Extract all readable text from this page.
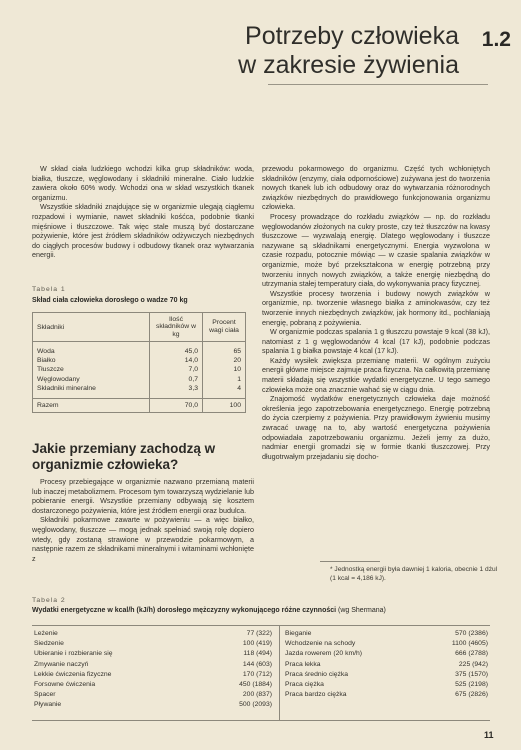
Potrzeby człowieka
w zakresie żywienia
1.2

W skład ciała ludzkiego wchodzi kilka grup składników: woda, białka, tłuszcze, węglowodany i składniki mineralne. Ciało ludzkie zawiera około 60% wody. Wchodzi ona w skład wszystkich tkanek organizmu.

Wszystkie składniki znajdujące się w organizmie ulegają ciągłemu rozpadowi i wymianie, nawet składniki kośćca, podobnie tkanki mięśniowe i tłuszczowe. Tak więc stale muszą być dostarczane pożywienie, które jest źródłem składników odżywczych niezbędnych do ciągłych procesów budowy i odbudowy tkanek oraz wytwarzania energii.

Tabela 1
Skład ciała człowieka dorosłego o wadze 70 kg
Składniki	Ilość składników w kg	Procent wagi ciała
Woda	45,0	65
Białko	14,0	20
Tłuszcze	7,0	10
Węglowodany	0,7	1
Składniki mineralne	3,3	4
Razem	70,0	100
Jakie przemiany zachodzą w organizmie człowieka?

Procesy przebiegające w organizmie nazwano przemianą materii lub inaczej metabolizmem. Procesom tym towarzyszą wydzielanie lub pobieranie energii. Wszystkie przemiany odbywają się kosztem dostarczonego pożywienia, które jest źródłem energii oraz budulca.

Składniki pokarmowe zawarte w pożywieniu — a więc białko, węglowodany, tłuszcze — mogą jednak spełniać swoją rolę dopiero wtedy, gdy zostaną strawione w przewodzie pokarmowym, a następnie razem ze składnikami mineralnymi i witaminami wchłonięte z

przewodu pokarmowego do organizmu. Część tych wchłoniętych składników (enzymy, ciała odpornościowe) zużywana jest do tworzenia nowych tkanek lub ich odbudowy oraz do wytwarzania różnorodnych związków niezbędnych do prawidłowego funkcjonowania organizmu człowieka.

Procesy prowadzące do rozkładu związków — np. do rozkładu węglowodanów złożonych na cukry proste, czy też tłuszczów na kwasy tłuszczowe — wyzwalają energię. Dlatego węglowodany i tłuszcze nazywane są składnikami energetycznymi. Energia wyzwolona w czasie rozpadu, potocznie mówiąc — w czasie spalania związków w organizmie, może być przekształcona w energię potrzebną przy tworzeniu innych nowych związków, a także energię niezbędną do utrzymania stałej temperatury ciała, do wykonywania pracy fizycznej.

Wszystkie procesy tworzenia i budowy nowych związków w organizmie, np. tworzenie własnego białka z aminokwasów, czy też tworzenie innych niezbędnych związków, jak hormony itd., pochłaniają energię, pobraną z pożywienia.

W organizmie podczas spalania 1 g tłuszczu powstaje 9 kcal (38 kJ), natomiast z 1 g węglowodanów 4 kcal (17 kJ), podobnie podczas spalania 1 g białka powstaje 4 kcal (17 kJ).

Każdy wysiłek zwiększa przemianę materii. W ogólnym zużyciu energii główne miejsce zajmuje praca fizyczna. Na całkowitą przemianę materii składają się wszystkie wydatki energetyczne. U tego samego człowieka może ona znacznie wahać się w ciągu dnia.

Znajomość wydatków energetycznych człowieka daje możność określenia jego zapotrzebowania energetycznego. Energię potrzebną do życia czerpiemy z pożywienia. Przy prawidłowym żywieniu musimy zwracać uwagę na to, aby wartość energetyczna pożywienia odpowiadała zapotrzebowaniu organizmu. Jeżeli jemy za dużo, nadmiar energii gromadzi się w formie tkanki tłuszczowej. Przy długotrwałym przejadaniu się docho-

* Jednostką energii była dawniej 1 kaloria, obecnie 1 dżul (1 kcal = 4,186 kJ).
Tabela 2
Wydatki energetyczne w kcal/h (kJ/h) dorosłego mężczyzny wykonującego różne czynności (wg Shermana)
Leżenie	77 (322)
Siedzenie	100 (419)
Ubieranie i rozbieranie się	118 (494)
Zmywanie naczyń	144 (603)
Lekkie ćwiczenia fizyczne	170 (712)
Forsowne ćwiczenia	450 (1884)
Spacer	200 (837)
Pływanie	500 (2093)
Bieganie	570 (2386)
Wchodzenie na schody	1100 (4605)
Jazda rowerem (20 km/h)	666 (2788)
Praca lekka	225 (942)
Praca średnio ciężka	375 (1570)
Praca ciężka	525 (2198)
Praca bardzo ciężka	675 (2826)
11
